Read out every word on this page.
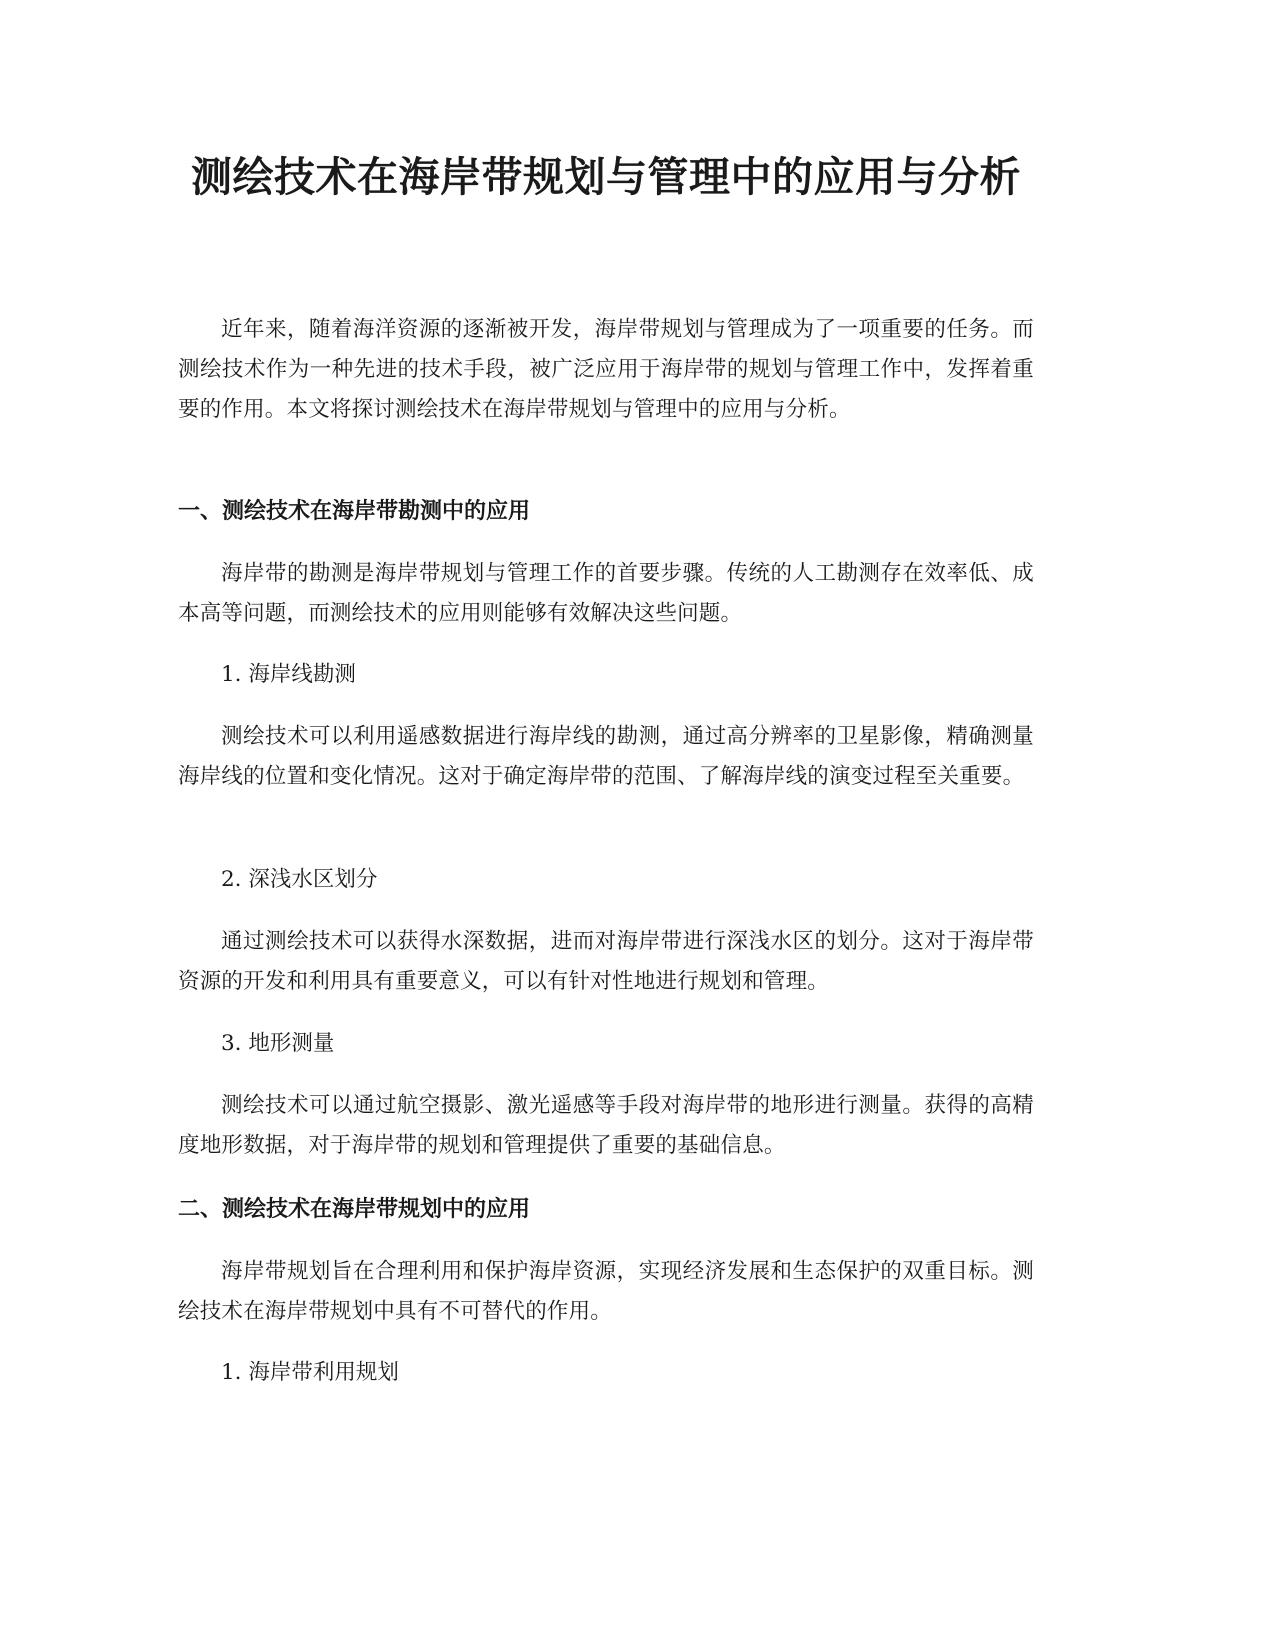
测绘技术在海岸带规划与管理中的应用与分析

近年来，随着海洋资源的逐渐被开发，海岸带规划与管理成为了一项重要的任务。而测绘技术作为一种先进的技术手段，被广泛应用于海岸带的规划与管理工作中，发挥着重要的作用。本文将探讨测绘技术在海岸带规划与管理中的应用与分析。

一、测绘技术在海岸带勘测中的应用

海岸带的勘测是海岸带规划与管理工作的首要步骤。传统的人工勘测存在效率低、成本高等问题，而测绘技术的应用则能够有效解决这些问题。

1. 海岸线勘测

测绘技术可以利用遥感数据进行海岸线的勘测，通过高分辨率的卫星影像，精确测量海岸线的位置和变化情况。这对于确定海岸带的范围、了解海岸线的演变过程至关重要。

2. 深浅水区划分

通过测绘技术可以获得水深数据，进而对海岸带进行深浅水区的划分。这对于海岸带资源的开发和利用具有重要意义，可以有针对性地进行规划和管理。

3. 地形测量

测绘技术可以通过航空摄影、激光遥感等手段对海岸带的地形进行测量。获得的高精度地形数据，对于海岸带的规划和管理提供了重要的基础信息。

二、测绘技术在海岸带规划中的应用

海岸带规划旨在合理利用和保护海岸资源，实现经济发展和生态保护的双重目标。测绘技术在海岸带规划中具有不可替代的作用。

1. 海岸带利用规划
